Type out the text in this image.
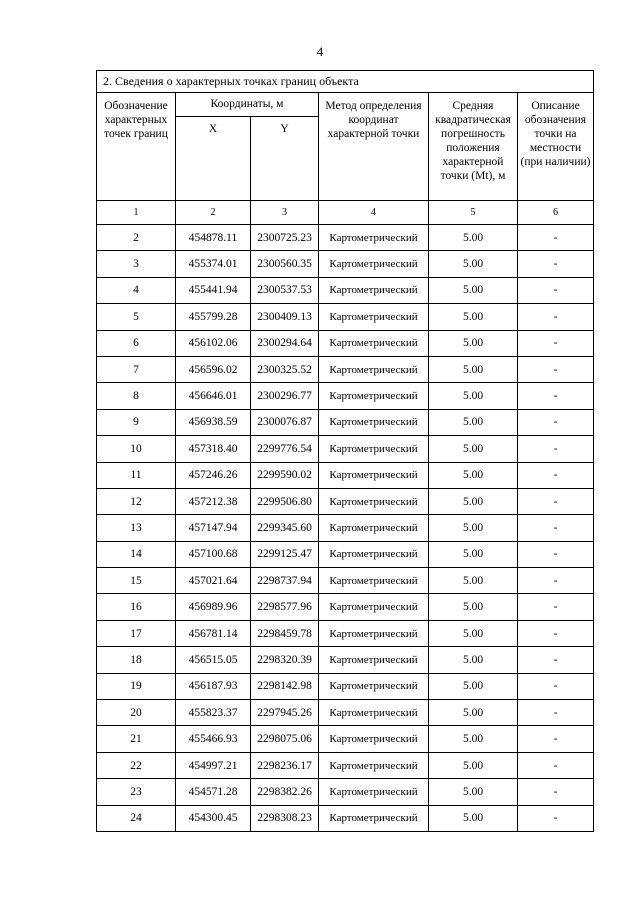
4
2. Сведения о характерных точках границ объекта					

Обозначение характерных точек границ	Координаты, м		Метод определения координат характерной точки	Средняя квадратическая погрешность положения характерной точки (Mt), м	Описание обозначения точки на местности (при наличии)

	X	Y			
1	2	3	4	5	6
2	454878.11	2300725.23	Картометрический	5.00	-
3	455374.01	2300560.35	Картометрический	5.00	-
4	455441.94	2300537.53	Картометрический	5.00	-
5	455799.28	2300409.13	Картометрический	5.00	-
6	456102.06	2300294.64	Картометрический	5.00	-
7	456596.02	2300325.52	Картометрический	5.00	-
8	456646.01	2300296.77	Картометрический	5.00	-
9	456938.59	2300076.87	Картометрический	5.00	-
10	457318.40	2299776.54	Картометрический	5.00	-
11	457246.26	2299590.02	Картометрический	5.00	-
12	457212.38	2299506.80	Картометрический	5.00	-
13	457147.94	2299345.60	Картометрический	5.00	-
14	457100.68	2299125.47	Картометрический	5.00	-
15	457021.64	2298737.94	Картометрический	5.00	-
16	456989.96	2298577.96	Картометрический	5.00	-
17	456781.14	2298459.78	Картометрический	5.00	-
18	456515.05	2298320.39	Картометрический	5.00	-
19	456187.93	2298142.98	Картометрический	5.00	-
20	455823.37	2297945.26	Картометрический	5.00	-
21	455466.93	2298075.06	Картометрический	5.00	-
22	454997.21	2298236.17	Картометрический	5.00	-
23	454571.28	2298382.26	Картометрический	5.00	-
24	454300.45	2298308.23	Картометрический	5.00	-
